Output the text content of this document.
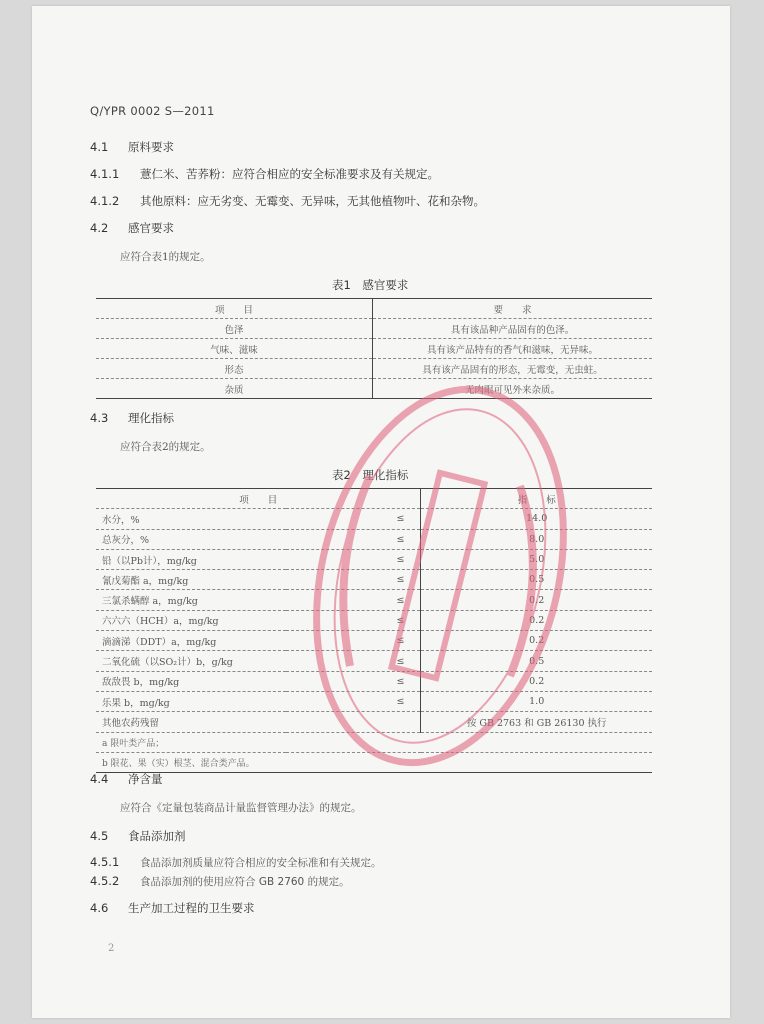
Q/YPR 0002 S—2011
4.1 原料要求
4.1.1 薏仁米、苦荞粉：应符合相应的安全标准要求及有关规定。
4.1.2 其他原料：应无劣变、无霉变、无异味，无其他植物叶、花和杂物。
4.2 感官要求
应符合表1的规定。
表1　感官要求
项　　目	要　　求
色泽	具有该品种产品固有的色泽。
气味、滋味	具有该产品特有的香气和滋味，无异味。
形态	具有该产品固有的形态，无霉变，无虫蛀。
杂质	无肉眼可见外来杂质。
4.3 理化指标
应符合表2的规定。
表2　理化指标
项　　目		指　　标
水分，%	≤	14.0
总灰分，%	≤	8.0
铅（以Pb计），mg/kg	≤	5.0
氰戊菊酯 a，mg/kg	≤	0.5
三氯杀螨醇 a，mg/kg	≤	0.2
六六六（HCH）a，mg/kg	≤	0.2
滴滴涕（DDT）a，mg/kg	≤	0.2
二氧化硫（以SO₂计）b，g/kg	≤	0.5
敌敌畏 b，mg/kg	≤	0.2
乐果 b，mg/kg	≤	1.0
其他农药残留		按 GB 2763 和 GB 26130 执行
a 限叶类产品；		
b 限花、果（实）根茎、混合类产品。		
4.4 净含量
应符合《定量包装商品计量监督管理办法》的规定。
4.5 食品添加剂
4.5.1 食品添加剂质量应符合相应的安全标准和有关规定。
4.5.2 食品添加剂的使用应符合 GB 2760 的规定。
4.6 生产加工过程的卫生要求
2
